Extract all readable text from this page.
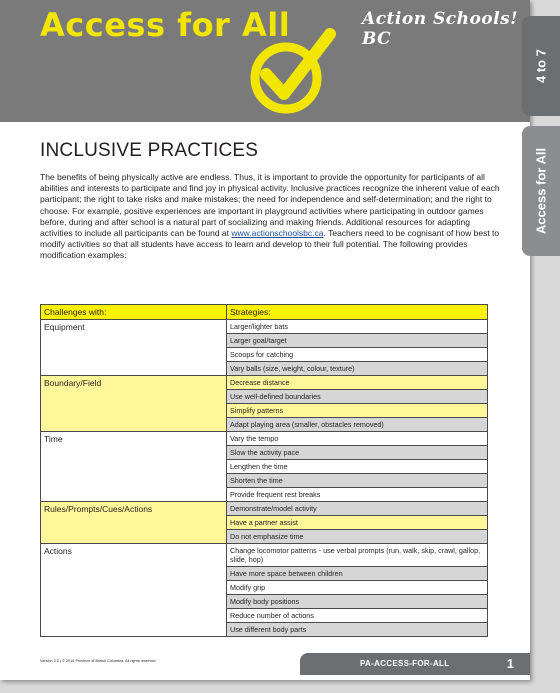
Access for All	Action Schools! BC
INCLUSIVE PRACTICES
The benefits of being physically active are endless. Thus, it is important to provide the opportunity for participants of all abilities and interests to participate and find joy in physical activity. Inclusive practices recognize the inherent value of each participant; the right to take risks and make mistakes; the need for independence and self-determination; and the right to choose. For example, positive experiences are important in playground activities where participating in outdoor games before, during and after school is a natural part of socializing and making friends. Additional resources for adapting activities to include all participants can be found at www.actionschoolsbc.ca. Teachers need to be cognisant of how best to modify activities so that all students have access to learn and develop to their full potential. The following provides modification examples:
Challenges with:	Strategies:
Equipment	Larger/lighter bats
Larger goal/target
Scoops for catching
Vary balls (size, weight, colour, texture)
Boundary/Field	Decrease distance
Use well-defined boundaries
Simplify patterns
Adapt playing area (smaller, obstacles removed)
Time	Vary the tempo
Slow the activity pace
Lengthen the time
Shorten the time
Provide frequent rest breaks
Rules/Prompts/Cues/Actions	Demonstrate/model activity
Have a partner assist
Do not emphasize time
Actions	Change locomotor patterns - use verbal prompts (run, walk, skip, crawl, gallop, slide, hop)
Have more space between children
Modify grip
Modify body positions
Reduce number of actions
Use different body parts
Version 2.0 | © 2016 Province of British Columbia. All rights reserved.	PA-ACCESS-FOR-ALL	1
4 to 7
Access for All
